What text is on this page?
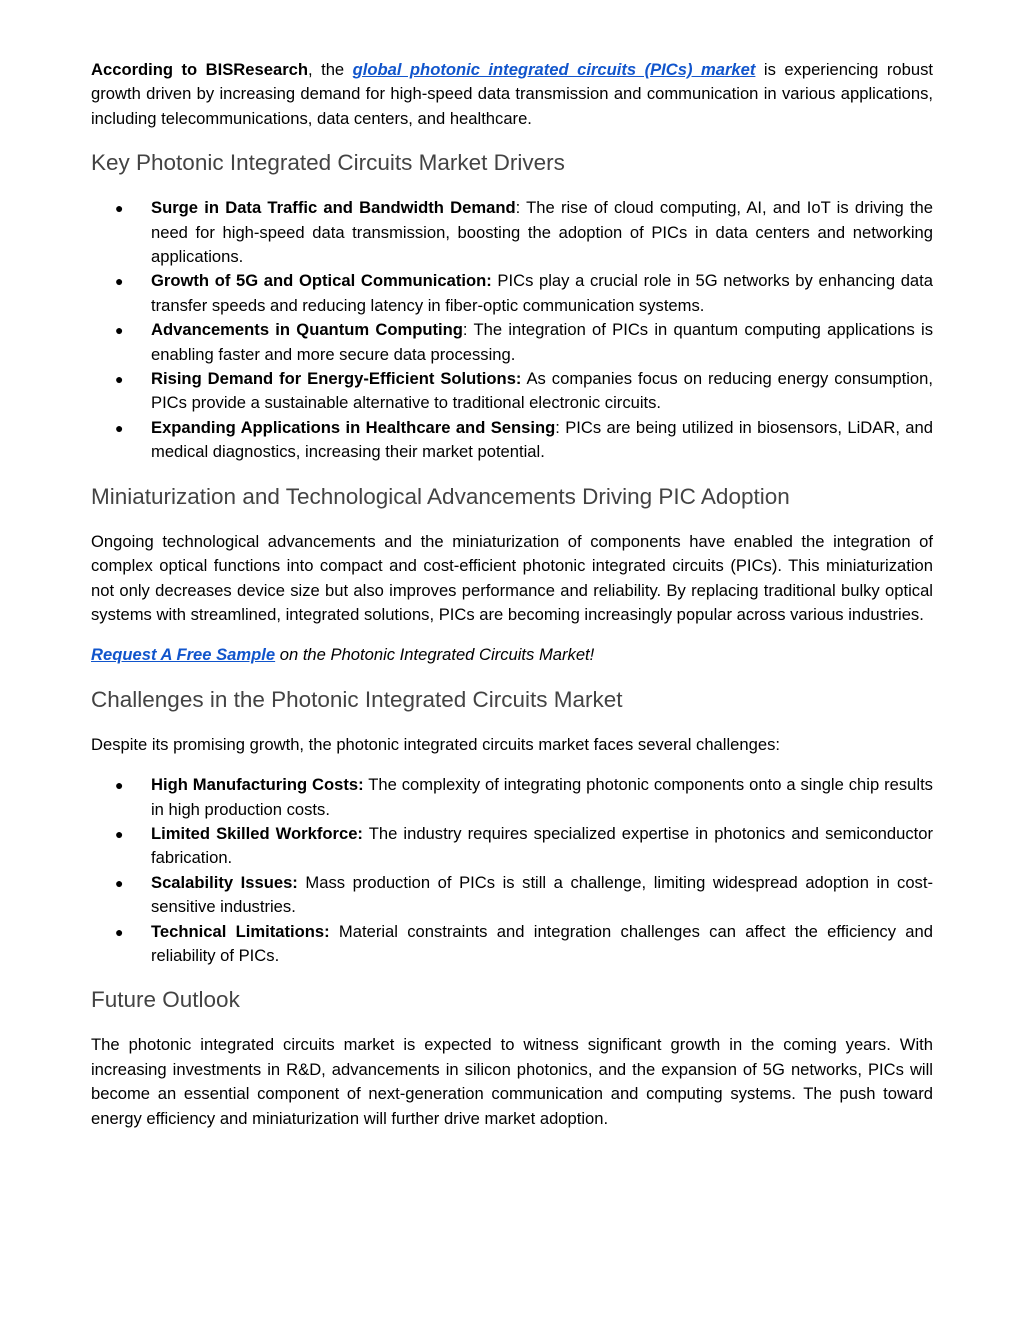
According to BISResearch, the global photonic integrated circuits (PICs) market is experiencing robust growth driven by increasing demand for high-speed data transmission and communication in various applications, including telecommunications, data centers, and healthcare.

Key Photonic Integrated Circuits Market Drivers
● Surge in Data Traffic and Bandwidth Demand: The rise of cloud computing, AI, and IoT is driving the need for high-speed data transmission, boosting the adoption of PICs in data centers and networking applications.
● Growth of 5G and Optical Communication: PICs play a crucial role in 5G networks by enhancing data transfer speeds and reducing latency in fiber-optic communication systems.
● Advancements in Quantum Computing: The integration of PICs in quantum computing applications is enabling faster and more secure data processing.
● Rising Demand for Energy-Efficient Solutions: As companies focus on reducing energy consumption, PICs provide a sustainable alternative to traditional electronic circuits.
● Expanding Applications in Healthcare and Sensing: PICs are being utilized in biosensors, LiDAR, and medical diagnostics, increasing their market potential.
Miniaturization and Technological Advancements Driving PIC Adoption

Ongoing technological advancements and the miniaturization of components have enabled the integration of complex optical functions into compact and cost-efficient photonic integrated circuits (PICs). This miniaturization not only decreases device size but also improves performance and reliability. By replacing traditional bulky optical systems with streamlined, integrated solutions, PICs are becoming increasingly popular across various industries.

Request A Free Sample on the Photonic Integrated Circuits Market!

Challenges in the Photonic Integrated Circuits Market

Despite its promising growth, the photonic integrated circuits market faces several challenges:

● High Manufacturing Costs: The complexity of integrating photonic components onto a single chip results in high production costs.
● Limited Skilled Workforce: The industry requires specialized expertise in photonics and semiconductor fabrication.
● Scalability Issues: Mass production of PICs is still a challenge, limiting widespread adoption in cost-sensitive industries.
● Technical Limitations: Material constraints and integration challenges can affect the efficiency and reliability of PICs.
Future Outlook

The photonic integrated circuits market is expected to witness significant growth in the coming years. With increasing investments in R&D, advancements in silicon photonics, and the expansion of 5G networks, PICs will become an essential component of next-generation communication and computing systems. The push toward energy efficiency and miniaturization will further drive market adoption.
